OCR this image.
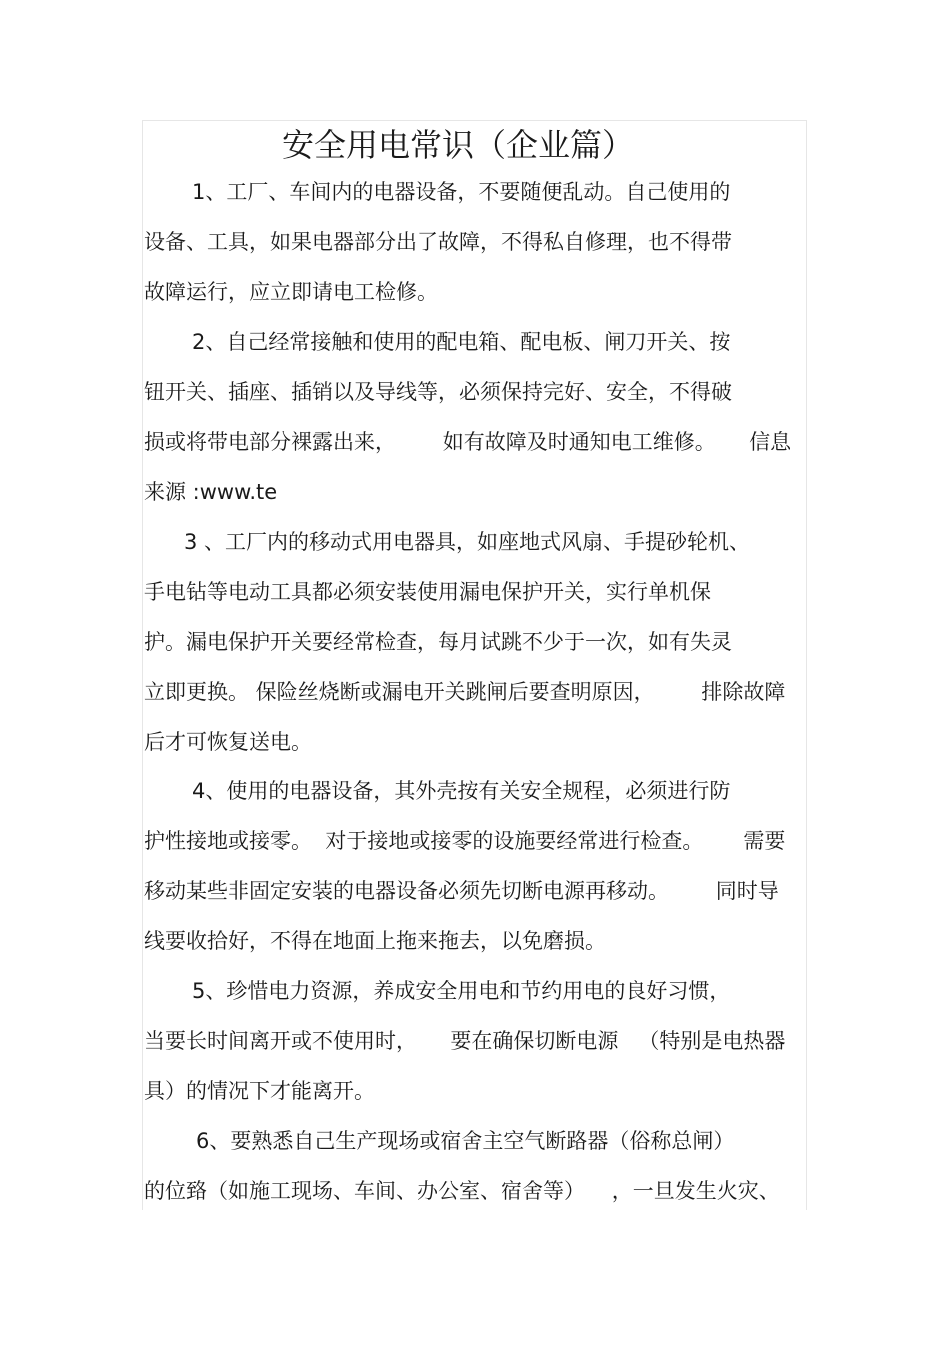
安全用电常识（企业篇）
1、工厂、车间内的电器设备，不要随便乱动。自己使用的
设备、工具，如果电器部分出了故障，不得私自修理，也不得带
故障运行，应立即请电工检修。
2、自己经常接触和使用的配电箱、配电板、闸刀开关、按
钮开关、插座、插销以及导线等，必须保持完好、安全，不得破
损或将带电部分裸露出来，       如有故障及时通知电工维修。     信息
来源 :www.te
3 、工厂内的移动式用电器具，如座地式风扇、手提砂轮机、
手电钻等电动工具都必须安装使用漏电保护开关，实行单机保
护。漏电保护开关要经常检查，每月试跳不少于一次，如有失灵
立即更换。 保险丝烧断或漏电开关跳闸后要查明原因，       排除故障
后才可恢复送电。
4、使用的电器设备，其外壳按有关安全规程，必须进行防
护性接地或接零。  对于接地或接零的设施要经常进行检查。      需要
移动某些非固定安装的电器设备必须先切断电源再移动。       同时导
线要收拾好，不得在地面上拖来拖去，以免磨损。
5、珍惜电力资源，养成安全用电和节约用电的良好习惯，
当要长时间离开或不使用时，     要在确保切断电源   （特别是电热器
具）的情况下才能离开。
6、要熟悉自己生产现场或宿舍主空气断路器（俗称总闸）
的位臵（如施工现场、车间、办公室、宿舍等）    ，一旦发生火灾、
